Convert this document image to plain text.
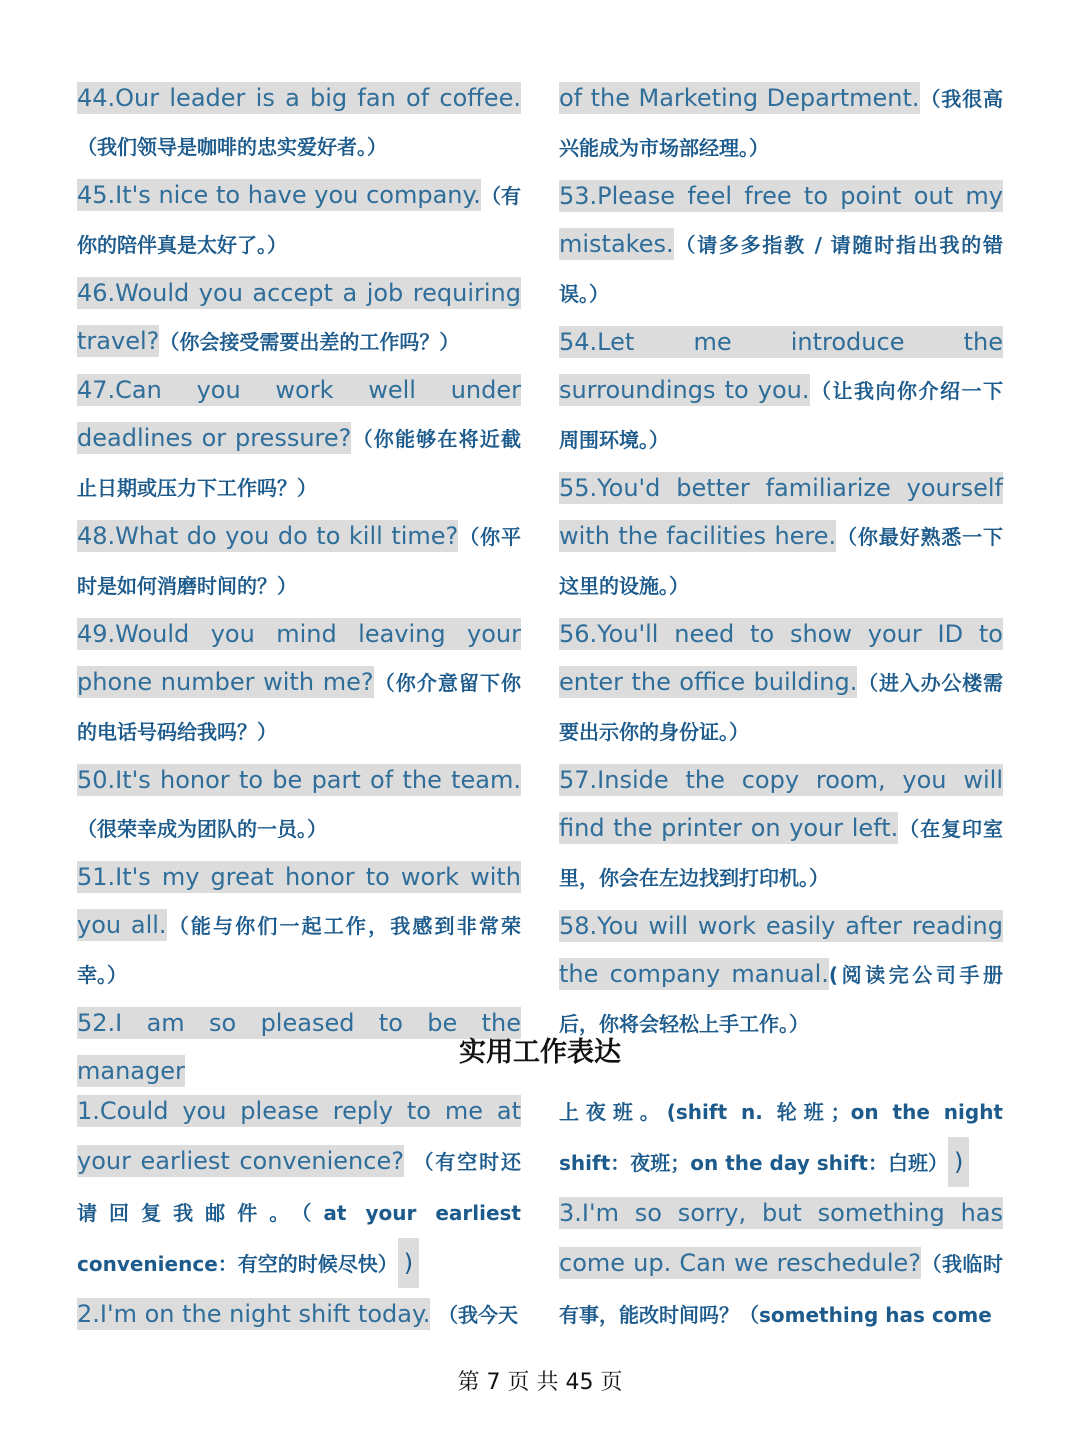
44.Our leader is a big fan of coffee.（我们领导是咖啡的忠实爱好者。）

45.It's nice to have you company.（有你的陪伴真是太好了。）

46.Would you accept a job requiring travel?（你会接受需要出差的工作吗？）

47.Can you work well under deadlines or pressure?（你能够在将近截止日期或压力下工作吗？）

48.What do you do to kill time?（你平时是如何消磨时间的？）

49.Would you mind leaving your phone number with me?（你介意留下你的电话号码给我吗？）

50.It's honor to be part of the team.（很荣幸成为团队的一员。）

51.It's my great honor to work with you all.（能与你们一起工作，我感到非常荣幸。）

52.I am so pleased to be the manager

of the Marketing Department.（我很高兴能成为市场部经理。）

53.Please feel free to point out my mistakes.（请多多指教 / 请随时指出我的错误。）

54.Let me introduce the surroundings to you.（让我向你介绍一下周围环境。）

55.You'd better familiarize yourself with the facilities here.（你最好熟悉一下这里的设施。）

56.You'll need to show your ID to enter the office building.（进入办公楼需要出示你的身份证。）

57.Inside the copy room, you will find the printer on your left.（在复印室里，你会在左边找到打印机。）

58.You will work easily after reading the company manual.(阅读完公司手册后，你将会轻松上手工作。）

实用工作表达

1.Could you please reply to me at your earliest convenience? （有空时还请回复我邮件。（at your earliest convenience：有空的时候尽快） )

2.I'm on the night shift today. （我今天

上夜班。(shift n. 轮班；on the night shift：夜班；on the day shift：白班） )

3.I'm so sorry, but something has come up. Can we reschedule?（我临时有事，能改时间吗？（something has come

第 7 页 共 45 页
